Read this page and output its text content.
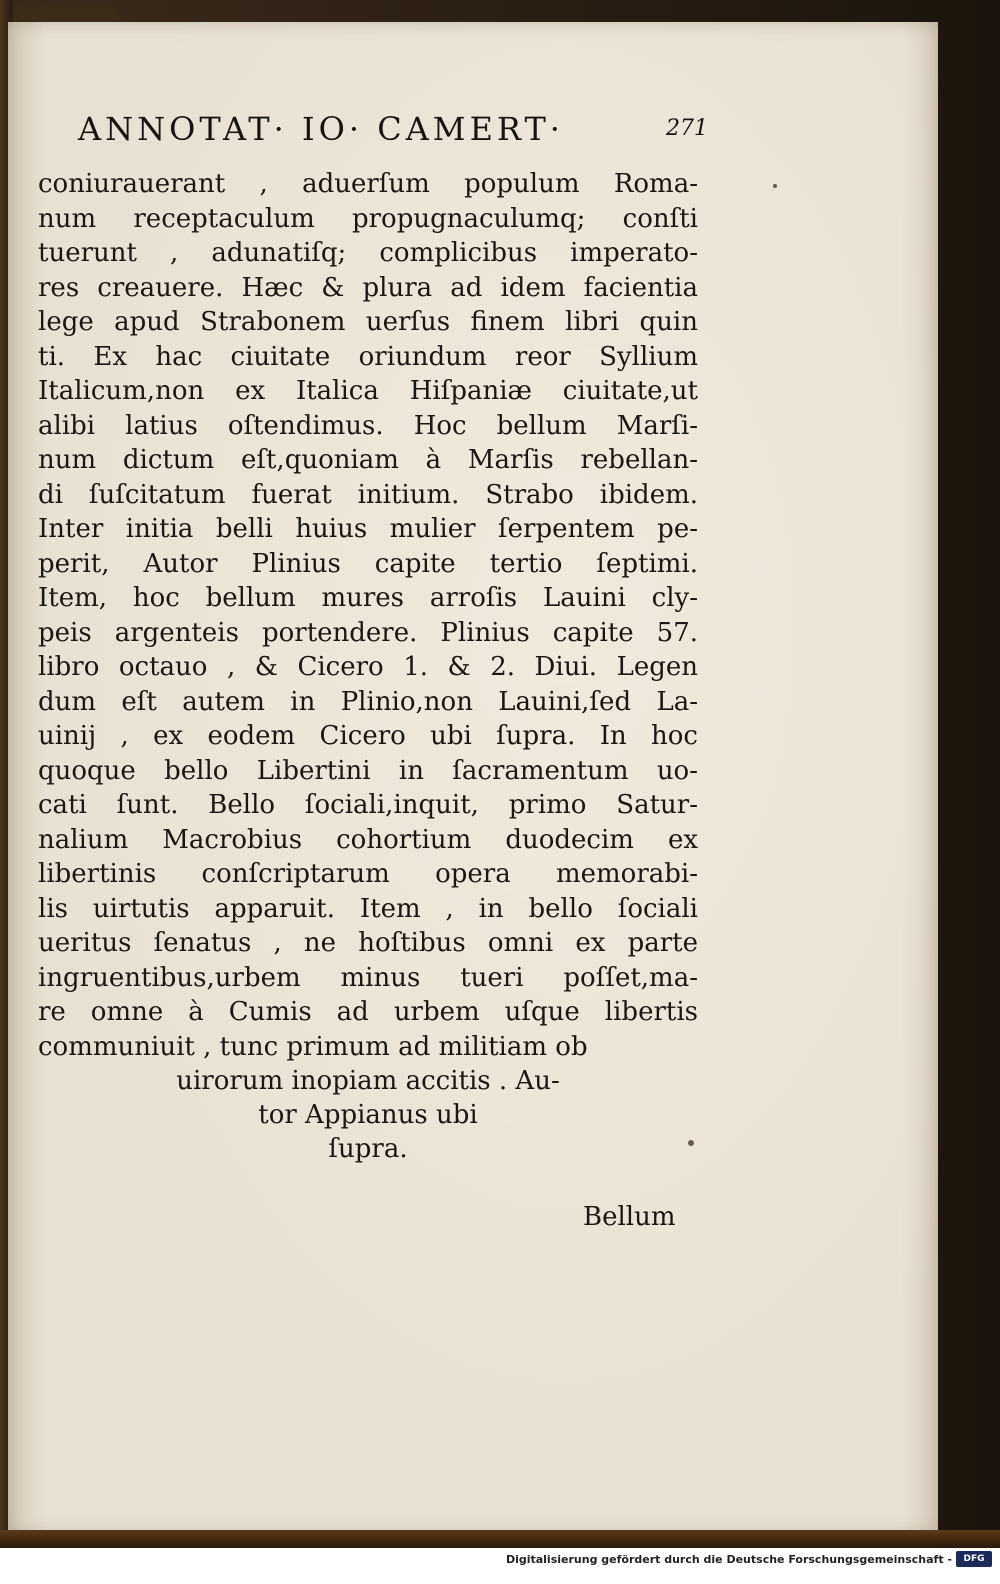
ANNOTAT· IO· CAMERT·	271
coniurauerant , aduerſum populum Roma-
num receptaculum propugnaculumq; conſti
tuerunt , adunatiſq; complicibus imperato-
res creauere. Hæc & plura ad idem facientia
lege apud Strabonem uerſus finem libri quin
ti. Ex hac ciuitate oriundum reor Syllium
Italicum,non ex Italica Hiſpaniæ ciuitate,ut
alibi latius oſtendimus. Hoc bellum Marſi-
num dictum eſt,quoniam à Marſis rebellan-
di ſuſcitatum fuerat initium. Strabo ibidem.
Inter initia belli huius mulier ſerpentem pe-
perit, Autor Plinius capite tertio ſeptimi.
Item, hoc bellum mures arroſis Lauini cly-
peis argenteis portendere. Plinius capite 57.
libro octauo , & Cicero 1. & 2. Diui. Legen
dum eſt autem in Plinio,non Lauini,ſed La-
uinij , ex eodem Cicero ubi ſupra. In hoc
quoque bello Libertini in ſacramentum uo-
cati ſunt. Bello ſociali,inquit, primo Satur-
nalium Macrobius cohortium duodecim ex
libertinis conſcriptarum opera memorabi-
lis uirtutis apparuit. Item , in bello ſociali
ueritus ſenatus , ne hoſtibus omni ex parte
ingruentibus,urbem minus tueri poſſet,ma-
re omne à Cumis ad urbem uſque libertis
communiuit , tunc primum ad militiam ob
uirorum inopiam accitis . Au-
tor Appianus ubi
ſupra.
Bellum
Digitalisierung gefördert durch die Deutsche Forschungsgemeinschaft -	DFG
